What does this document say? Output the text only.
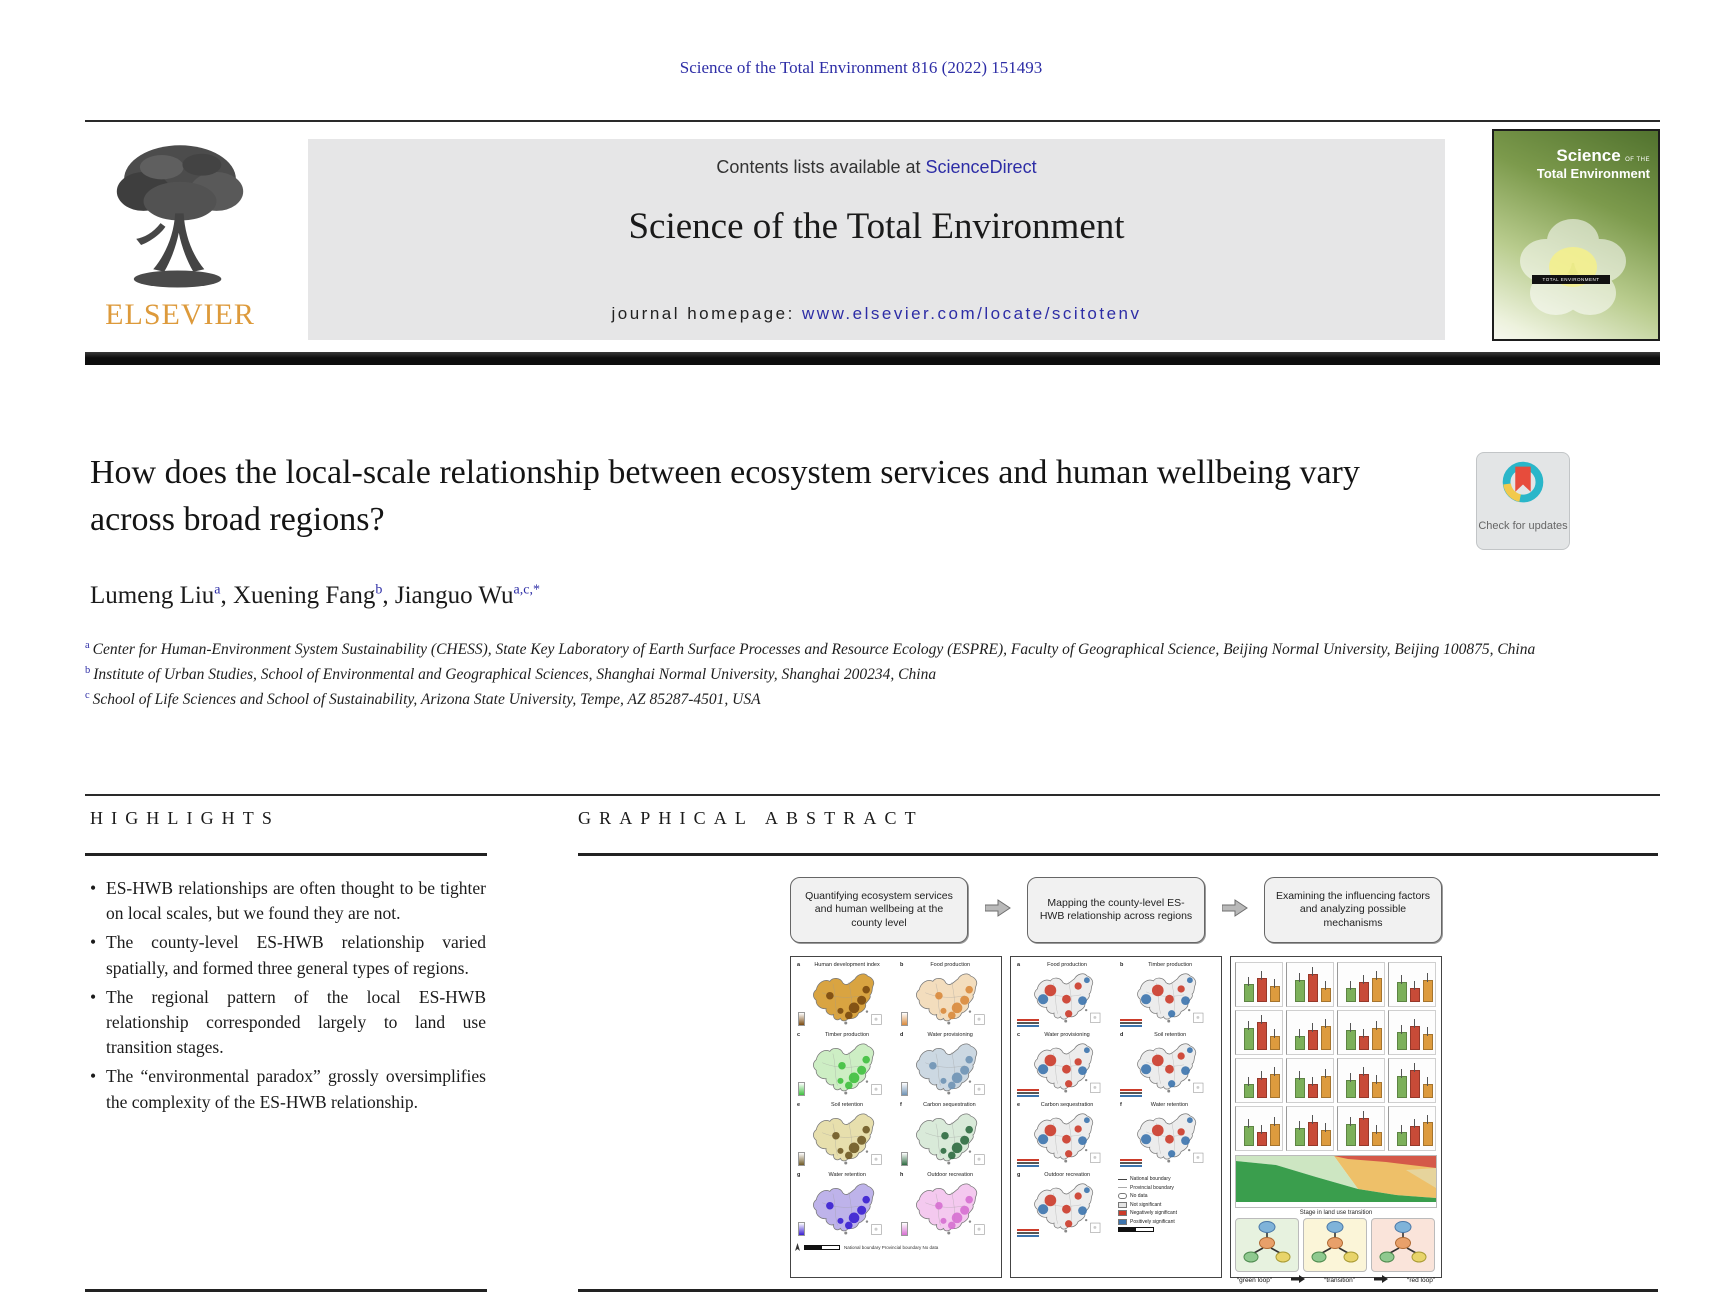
Science of the Total Environment 816 (2022) 151493
ELSEVIER
Contents lists available at ScienceDirect
Science of the Total Environment
journal homepage: www.elsevier.com/locate/scitotenv
Science OF THE
Total Environment
TOTAL ENVIRONMENT
How does the local-scale relationship between ecosystem services and human wellbeing vary across broad regions?	Check for updates
Lumeng Liu$^a$, Xuening Fang$^b$, Jianguo $Wu^{a,c,*}$
$^a$ Center for Human-Environment System Sustainability (CHESS), State Key Laboratory of Earth Surface Processes and Resource Ecology (ESPRE), Faculty of Geographical Science, Beijing Normal University, Beijing 100875, China
$^b$ Institute of Urban Studies, School of Environmental and Geographical Sciences, Shanghai Normal University, Shanghai 200234, China
$^c$ School of Life Sciences and School of Sustainability, Arizona State University, Tempe, AZ 85287-4501, USA
HIGHLIGHTS	GRAPHICAL ABSTRACT
• ES-HWB relationships are often thought to be tighter on local scales, but we found they are not.
• The county-level ES-HWB relationship varied spatially, and formed three general types of regions.
• The regional pattern of the local ES-HWB relationship corresponded largely to land use transition stages.
• The “environmental paradox” grossly oversimplifies the complexity of the ES-HWB relationship.
Quantifying ecosystem services and human wellbeing at the county level
Mapping the county-level ES-HWB relationship across regions
Examining the influencing factors and analyzing possible mechanisms
a	Human development index	b	Food production
c	Timber production	d	Water provisioning
e	Soil retention	f	Carbon sequestration
g	Water retention	h	Outdoor recreation
National boundary Provincial boundary No data
a	Food production	b	Timber production
c	Water provisioning	d	Soil retention
e	Carbon sequestration	f	Water retention
g	Outdoor recreation
National boundary
Provincial boundary
No data
Not significant
Negatively significant
Positively significant
Stage in land use transition
“green loop”	“transition”	“red loop”
